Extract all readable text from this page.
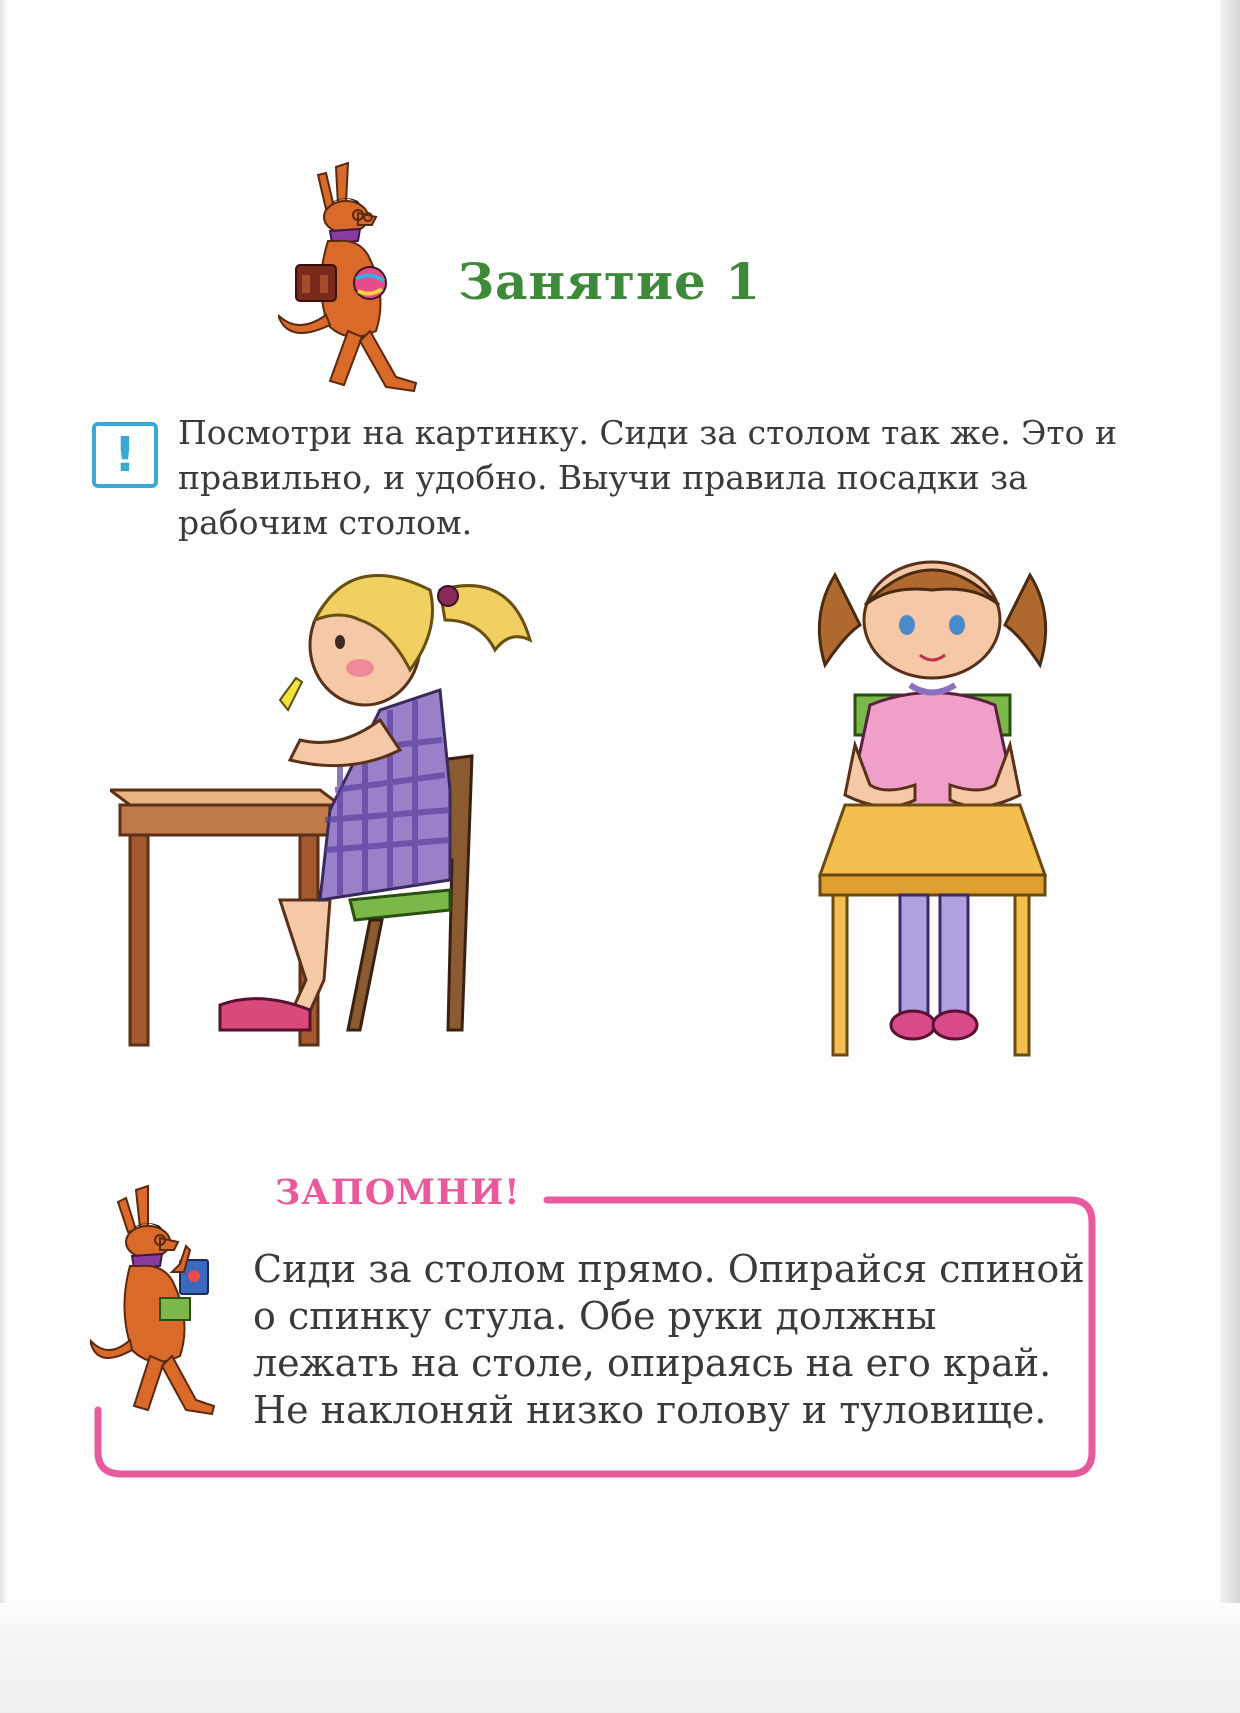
Занятие 1
! Посмотри на картинку. Сиди за столом так же. Это и правильно, и удобно. Выучи правила посадки за рабочим столом.
ЗАПОМНИ!
Сиди за столом прямо. Опирайся спиной о спинку стула. Обе руки должны лежать на столе, опираясь на его край. Не наклоняй низко голову и туловище.
